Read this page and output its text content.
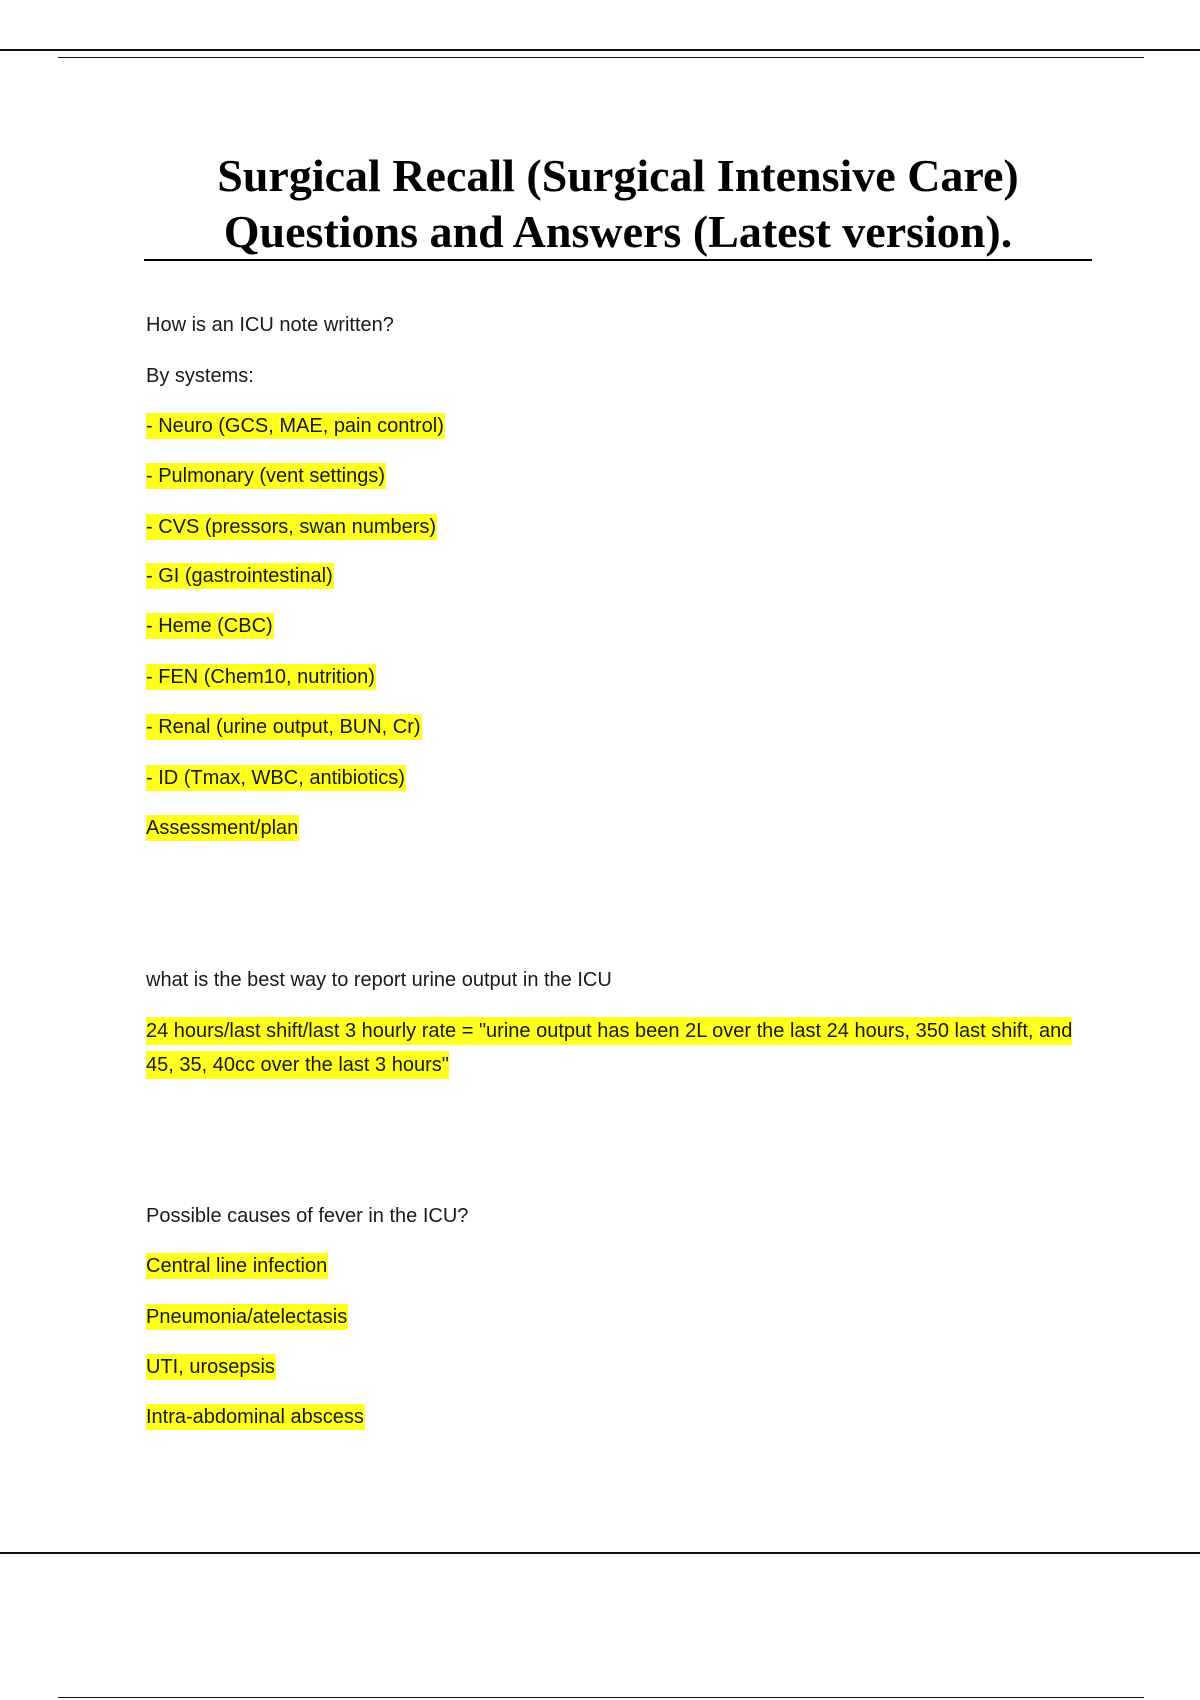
Surgical Recall (Surgical Intensive Care)
Questions and Answers (Latest version).
How is an ICU note written?
By systems:
- Neuro (GCS, MAE, pain control)
- Pulmonary (vent settings)
- CVS (pressors, swan numbers)
- GI (gastrointestinal)
- Heme (CBC)
- FEN (Chem10, nutrition)
- Renal (urine output, BUN, Cr)
- ID (Tmax, WBC, antibiotics)
Assessment/plan
what is the best way to report urine output in the ICU
24 hours/last shift/last 3 hourly rate = "urine output has been 2L over the last 24 hours, 350 last shift, and 45, 35, 40cc over the last 3 hours"
Possible causes of fever in the ICU?
Central line infection
Pneumonia/atelectasis
UTI, urosepsis
Intra-abdominal abscess
